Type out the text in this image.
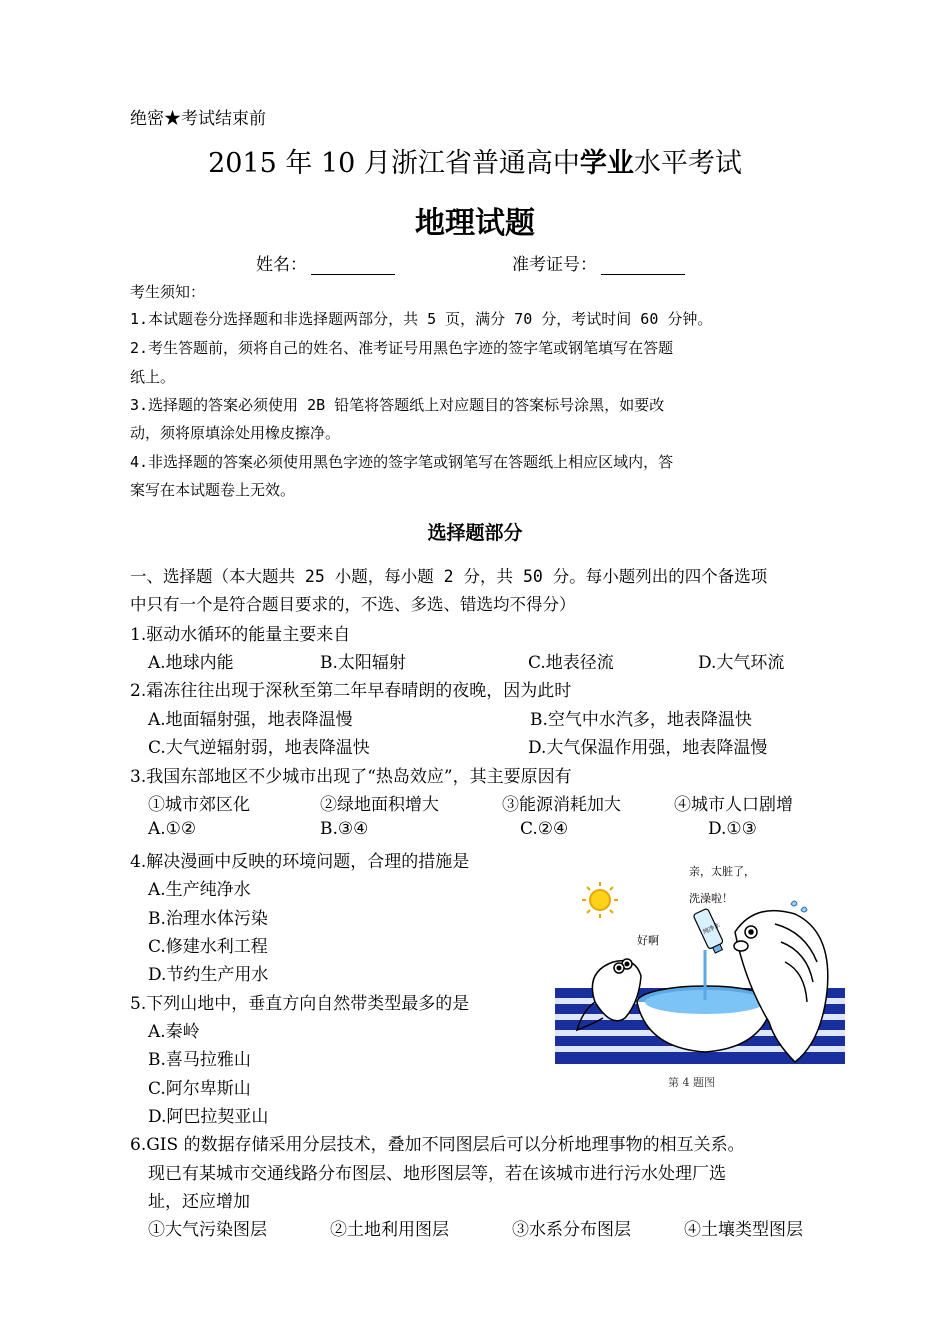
绝密★考试结束前
2015 年 10 月浙江省普通高中学业水平考试
地理试题
姓名：	准考证号：
考生须知：
1.本试题卷分选择题和非选择题两部分，共 5 页，满分 70 分，考试时间 60 分钟。
2.考生答题前，须将自己的姓名、准考证号用黑色字迹的签字笔或钢笔填写在答题
纸上。
3.选择题的答案必须使用 2B 铅笔将答题纸上对应题目的答案标号涂黑，如要改
动，须将原填涂处用橡皮擦净。
4.非选择题的答案必须使用黑色字迹的签字笔或钢笔写在答题纸上相应区域内，答
案写在本试题卷上无效。
选择题部分
一、选择题（本大题共 25 小题，每小题 2 分，共 50 分。每小题列出的四个备选项
中只有一个是符合题目要求的，不选、多选、错选均不得分）
1.驱动水循环的能量主要来自
A.地球内能	B.太阳辐射	C.地表径流	D.大气环流
2.霜冻往往出现于深秋至第二年早春晴朗的夜晚，因为此时
A.地面辐射强，地表降温慢	B.空气中水汽多，地表降温快
C.大气逆辐射弱，地表降温快	D.大气保温作用强，地表降温慢
3.我国东部地区不少城市出现了“热岛效应”，其主要原因有
①城市郊区化	②绿地面积增大	③能源消耗加大	④城市人口剧增
A.①②	B.③④	C.②④	D.①③
4.解决漫画中反映的环境问题，合理的措施是
A.生产纯净水
B.治理水体污染
C.修建水利工程
D.节约生产用水
5.下列山地中，垂直方向自然带类型最多的是
A.秦岭
B.喜马拉雅山
C.阿尔卑斯山
D.阿巴拉契亚山
6.GIS 的数据存储采用分层技术，叠加不同图层后可以分析地理事物的相互关系。
现已有某城市交通线路分布图层、地形图层等，若在该城市进行污水处理厂选
址，还应增加
①大气污染图层	②土地利用图层	③水系分布图层	④土壤类型图层
亲，太脏了，
洗澡啦！
好啊
纯净水
第 4 题图
